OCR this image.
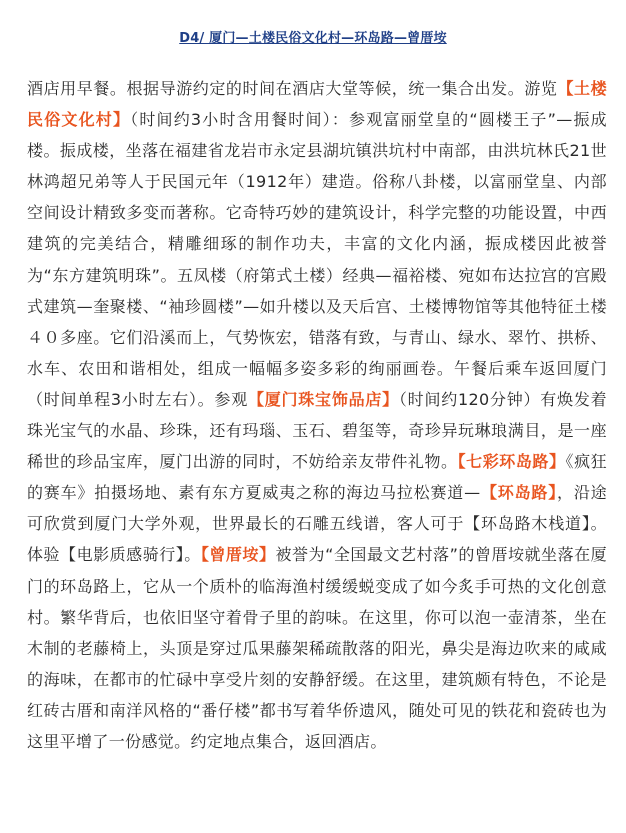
D4/ 厦门—土楼民俗文化村—环岛路—曾厝垵

酒店用早餐。根据导游约定的时间在酒店大堂等候，统一集合出发。游览【土楼民俗文化村】（时间约3小时含用餐时间）：参观富丽堂皇的“圆楼王子”—振成楼。振成楼，坐落在福建省龙岩市永定县湖坑镇洪坑村中南部，由洪坑林氏21世林鸿超兄弟等人于民国元年（1912年）建造。俗称八卦楼，以富丽堂皇、内部空间设计精致多变而著称。它奇特巧妙的建筑设计，科学完整的功能设置，中西建筑的完美结合，精雕细琢的制作功夫，丰富的文化内涵，振成楼因此被誉为“东方建筑明珠”。五凤楼（府第式土楼）经典—福裕楼、宛如布达拉宫的宫殿式建筑—奎聚楼、“袖珍圆楼”—如升楼以及天后宫、土楼博物馆等其他特征土楼４０多座。它们沿溪而上，气势恢宏，错落有致，与青山、绿水、翠竹、拱桥、水车、农田和谐相处，组成一幅幅多姿多彩的绚丽画卷。午餐后乘车返回厦门（时间单程3小时左右）。参观【厦门珠宝饰品店】（时间约120分钟）有焕发着珠光宝气的水晶、珍珠，还有玛瑙、玉石、碧玺等，奇珍异玩琳琅满目，是一座稀世的珍品宝库，厦门出游的同时，不妨给亲友带件礼物。【七彩环岛路】《疯狂的赛车》拍摄场地、素有东方夏威夷之称的海边马拉松赛道—【环岛路】，沿途可欣赏到厦门大学外观，世界最长的石雕五线谱，客人可于【环岛路木栈道】。体验【电影质感骑行】。【曾厝垵】被誉为“全国最文艺村落”的曾厝垵就坐落在厦门的环岛路上，它从一个质朴的临海渔村缓缓蜕变成了如今炙手可热的文化创意村。繁华背后，也依旧坚守着骨子里的韵味。在这里，你可以泡一壶清茶，坐在木制的老藤椅上，头顶是穿过瓜果藤架稀疏散落的阳光，鼻尖是海边吹来的咸咸的海味，在都市的忙碌中享受片刻的安静舒缓。在这里，建筑颇有特色，不论是红砖古厝和南洋风格的“番仔楼”都书写着华侨遗风，随处可见的铁花和瓷砖也为这里平增了一份感觉。约定地点集合，返回酒店。
